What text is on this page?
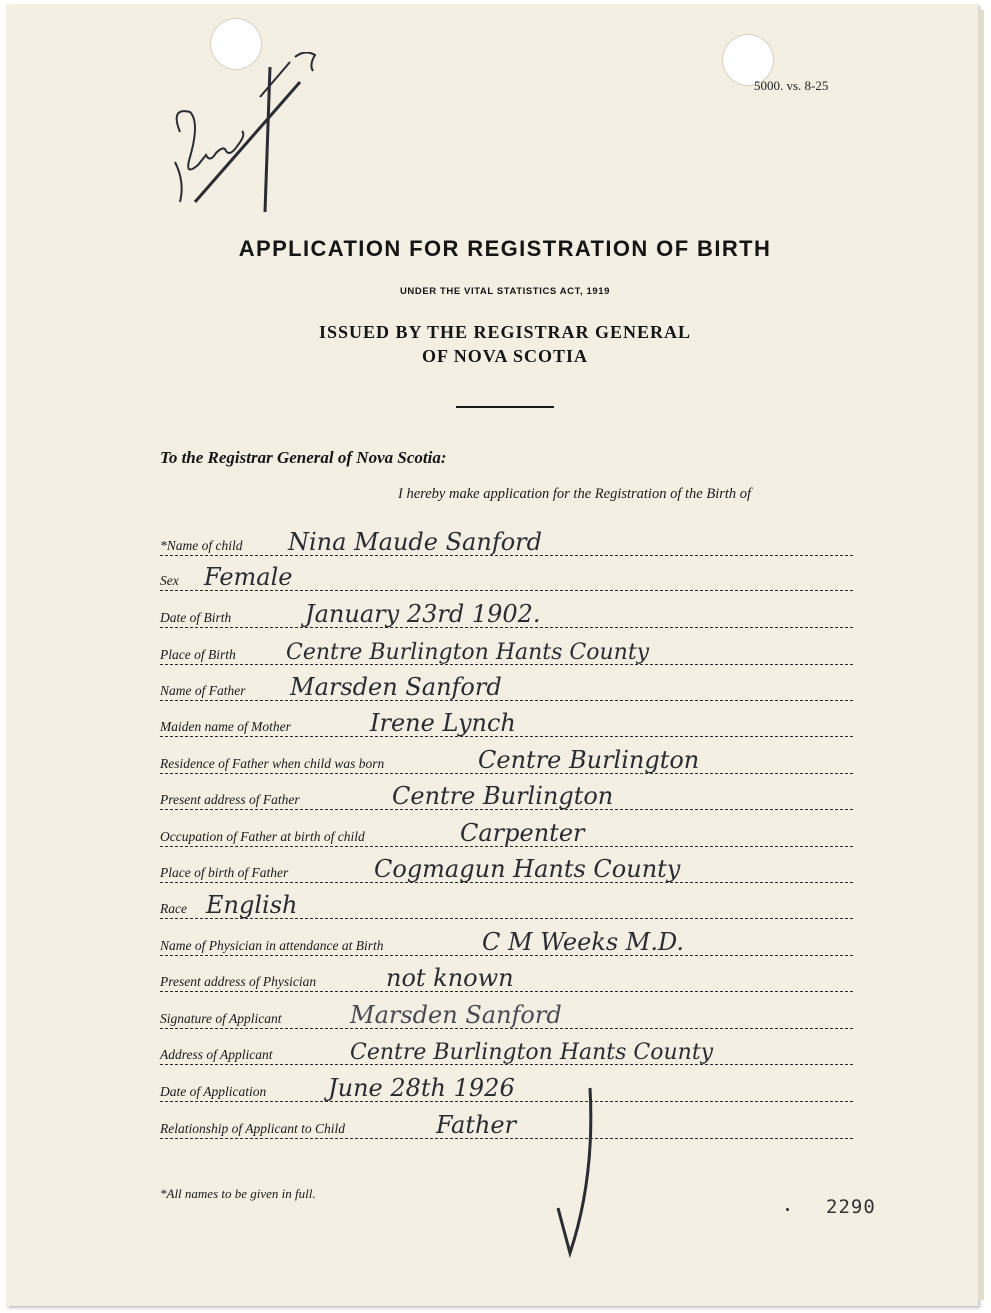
5000. vs. 8-25
APPLICATION FOR REGISTRATION OF BIRTH
UNDER THE VITAL STATISTICS ACT, 1919
ISSUED BY THE REGISTRAR GENERAL
OF NOVA SCOTIA
To the Registrar General of Nova Scotia:
I hereby make application for the Registration of the Birth of
*Name of child Nina Maude Sanford
Sex Female
Date of Birth	January 23rd 1902.
Place of Birth Centre Burlington Hants County
Name of Father Marsden Sanford
Maiden name of Mother	Irene Lynch
Residence of Father when child was born	Centre Burlington
Present address of Father	Centre Burlington
Occupation of Father at birth of child	Carpenter
Place of birth of Father	Cogmagun Hants County
Race English
Name of Physician in attendance at Birth	C M Weeks M.D.
Present address of Physician	not known
Signature of Applicant	Marsden Sanford
Address of Applicant	Centre Burlington Hants County
Date of Application	June 28th 1926
Relationship of Applicant to Child	Father
*All names to be given in full.
2290
